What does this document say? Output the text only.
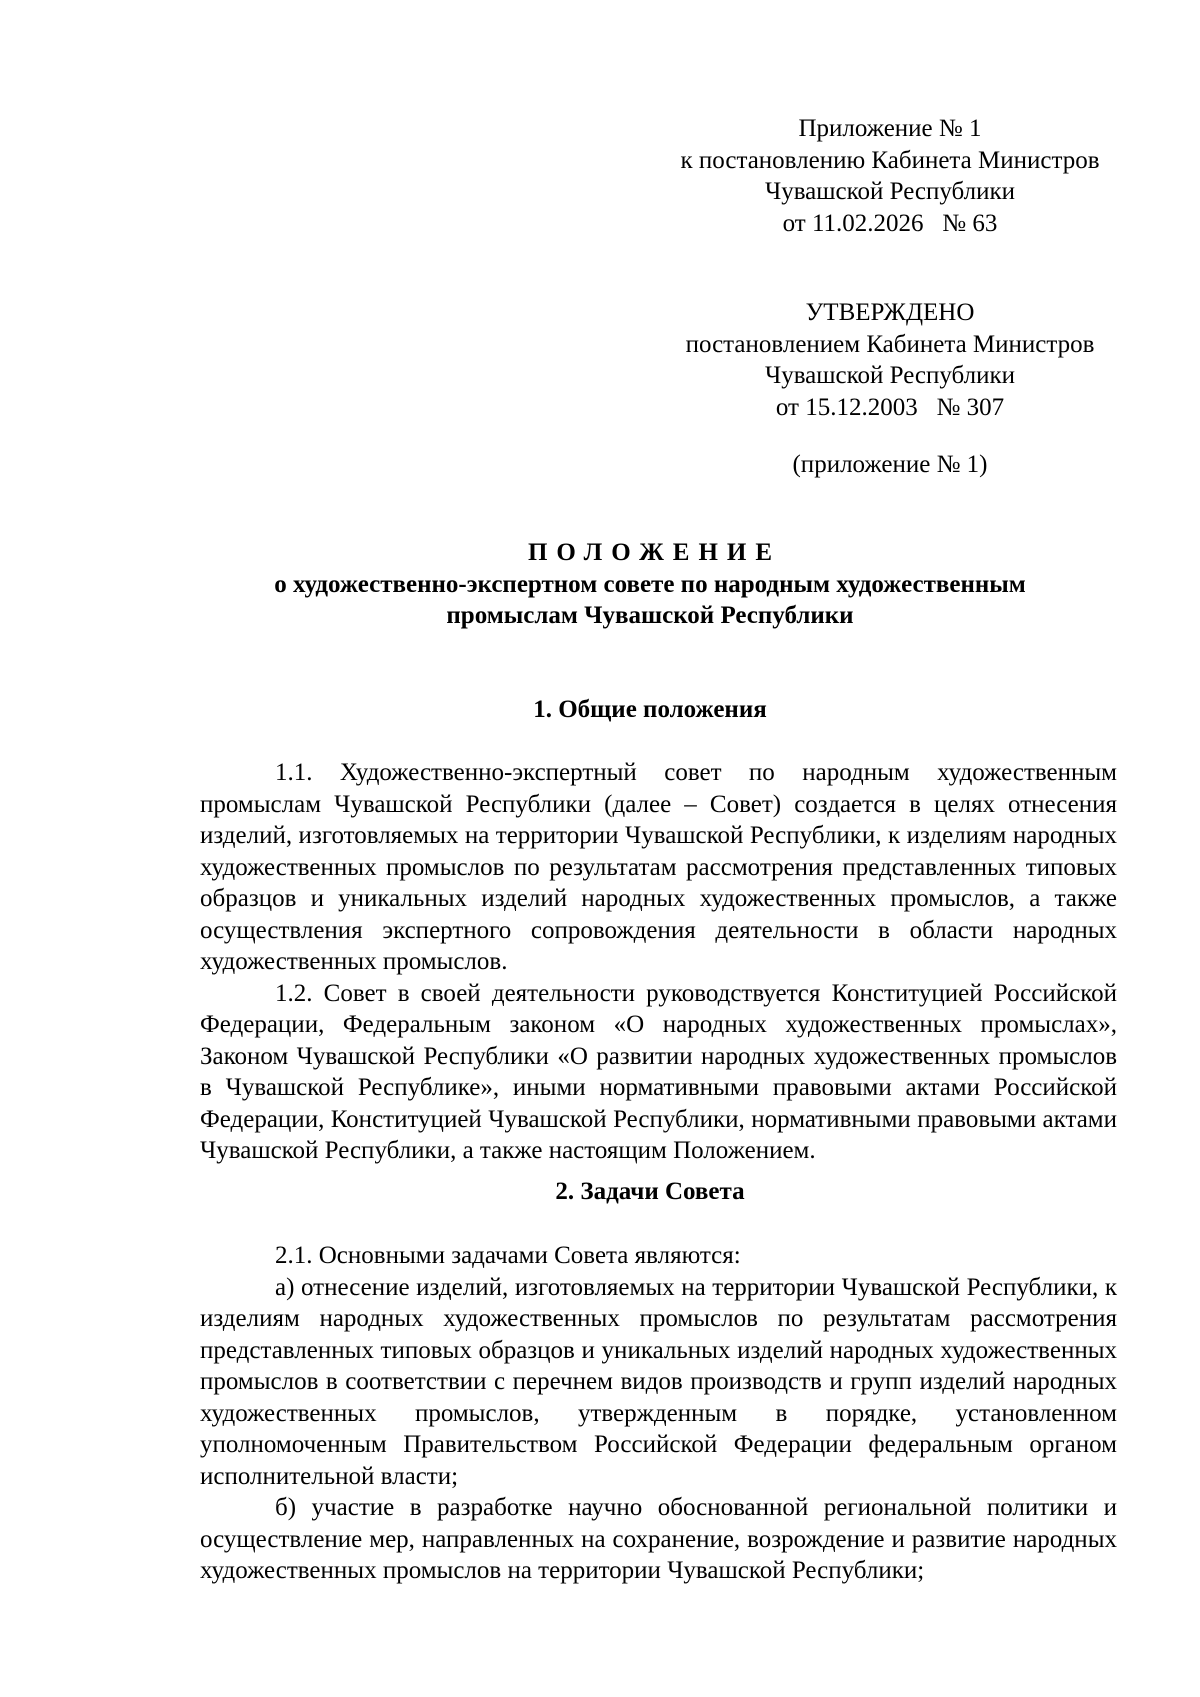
Приложение № 1
к постановлению Кабинета Министров
Чувашской Республики
от 11.02.2026   № 63
УТВЕРЖДЕНО
постановлением Кабинета Министров
Чувашской Республики
от 15.12.2003   № 307
(приложение № 1)
ПОЛОЖЕНИЕ
о художественно-экспертном совете по народным художественным
промыслам Чувашской Республики
1. Общие положения

1.1. Художественно-экспертный совет по народным художественным промыслам Чувашской Республики (далее – Совет) создается в целях отнесения изделий, изготовляемых на территории Чувашской Республики, к изделиям народных художественных промыслов по результатам рассмотрения представленных типовых образцов и уникальных изделий народных художественных промыслов, а также осуществления экспертного сопровождения деятельности в области народных художественных промыслов.

1.2. Совет в своей деятельности руководствуется Конституцией Российской Федерации, Федеральным законом «О народных художественных промыслах», Законом Чувашской Республики «О развитии народных художественных промыслов в Чувашской Республике», иными нормативными правовыми актами Российской Федерации, Конституцией Чувашской Республики, нормативными правовыми актами Чувашской Республики, а также настоящим Положением.

2. Задачи Совета

2.1. Основными задачами Совета являются:

а) отнесение изделий, изготовляемых на территории Чувашской Республики, к изделиям народных художественных промыслов по результатам рассмотрения представленных типовых образцов и уникальных изделий народных художественных промыслов в соответствии с перечнем видов производств и групп изделий народных художественных промыслов, утвержденным в порядке, установленном уполномоченным Правительством Российской Федерации федеральным органом исполнительной власти;

б) участие в разработке научно обоснованной региональной политики и осуществление мер, направленных на сохранение, возрождение и развитие народных художественных промыслов на территории Чувашской Республики;
